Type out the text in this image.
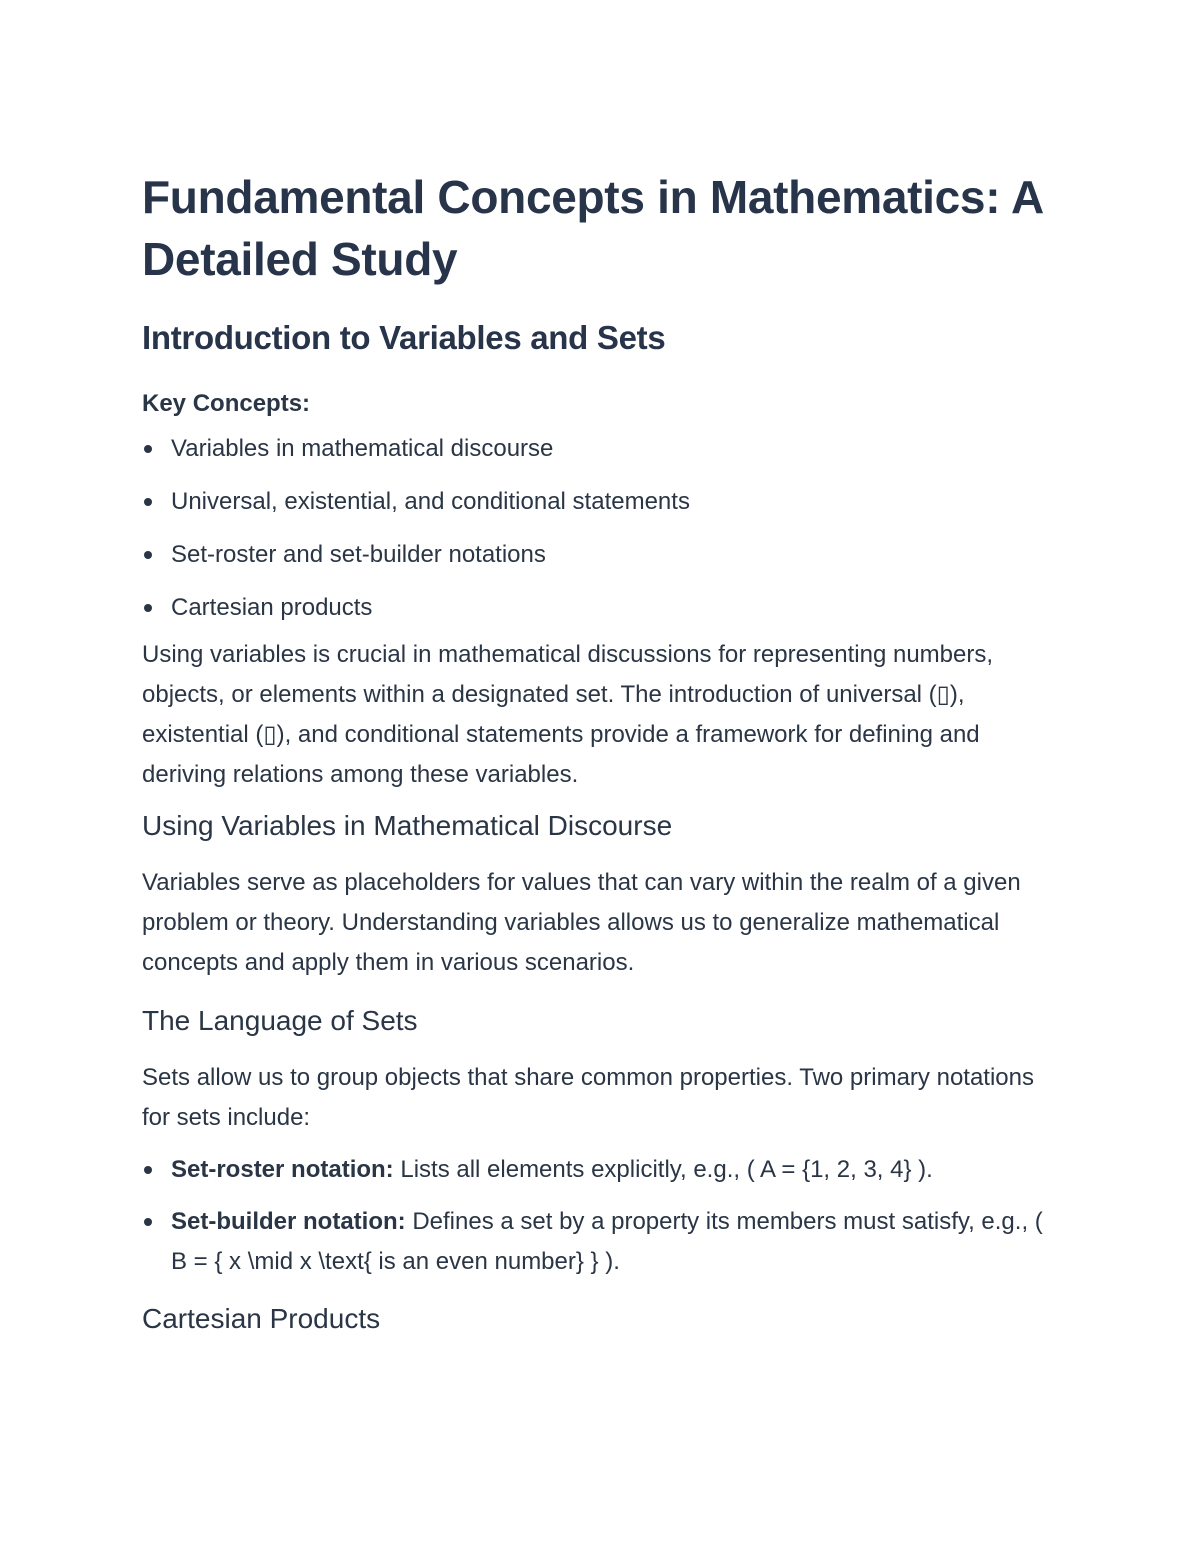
Fundamental Concepts in Mathematics: A Detailed Study
Introduction to Variables and Sets
Key Concepts:
Variables in mathematical discourse
Universal, existential, and conditional statements
Set-roster and set-builder notations
Cartesian products

Using variables is crucial in mathematical discussions for representing numbers, objects, or elements within a designated set. The introduction of universal (▯), existential (▯), and conditional statements provide a framework for defining and deriving relations among these variables.

Using Variables in Mathematical Discourse

Variables serve as placeholders for values that can vary within the realm of a given problem or theory. Understanding variables allows us to generalize mathematical concepts and apply them in various scenarios.

The Language of Sets

Sets allow us to group objects that share common properties. Two primary notations for sets include:

Set-roster notation: Lists all elements explicitly, e.g., ( A = {1, 2, 3, 4} ).
Set-builder notation: Defines a set by a property its members must satisfy, e.g., ( B = { x \mid x \text{ is an even number} } ).
Cartesian Products
